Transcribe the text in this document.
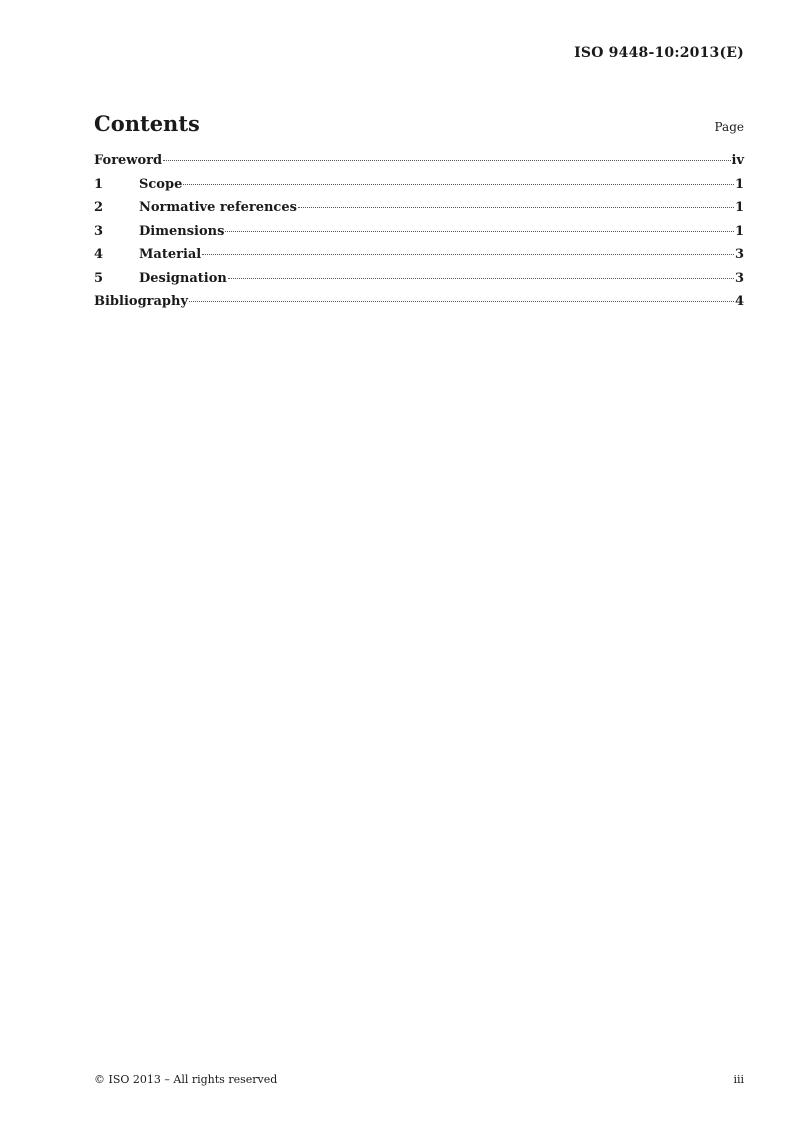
ISO 9448-10:2013(E)
Contents	Page
Foreword	iv
1	Scope	1
2	Normative references	1
3	Dimensions	1
4	Material	3
5	Designation	3
Bibliography	4
© ISO 2013 – All rights reserved	iii
